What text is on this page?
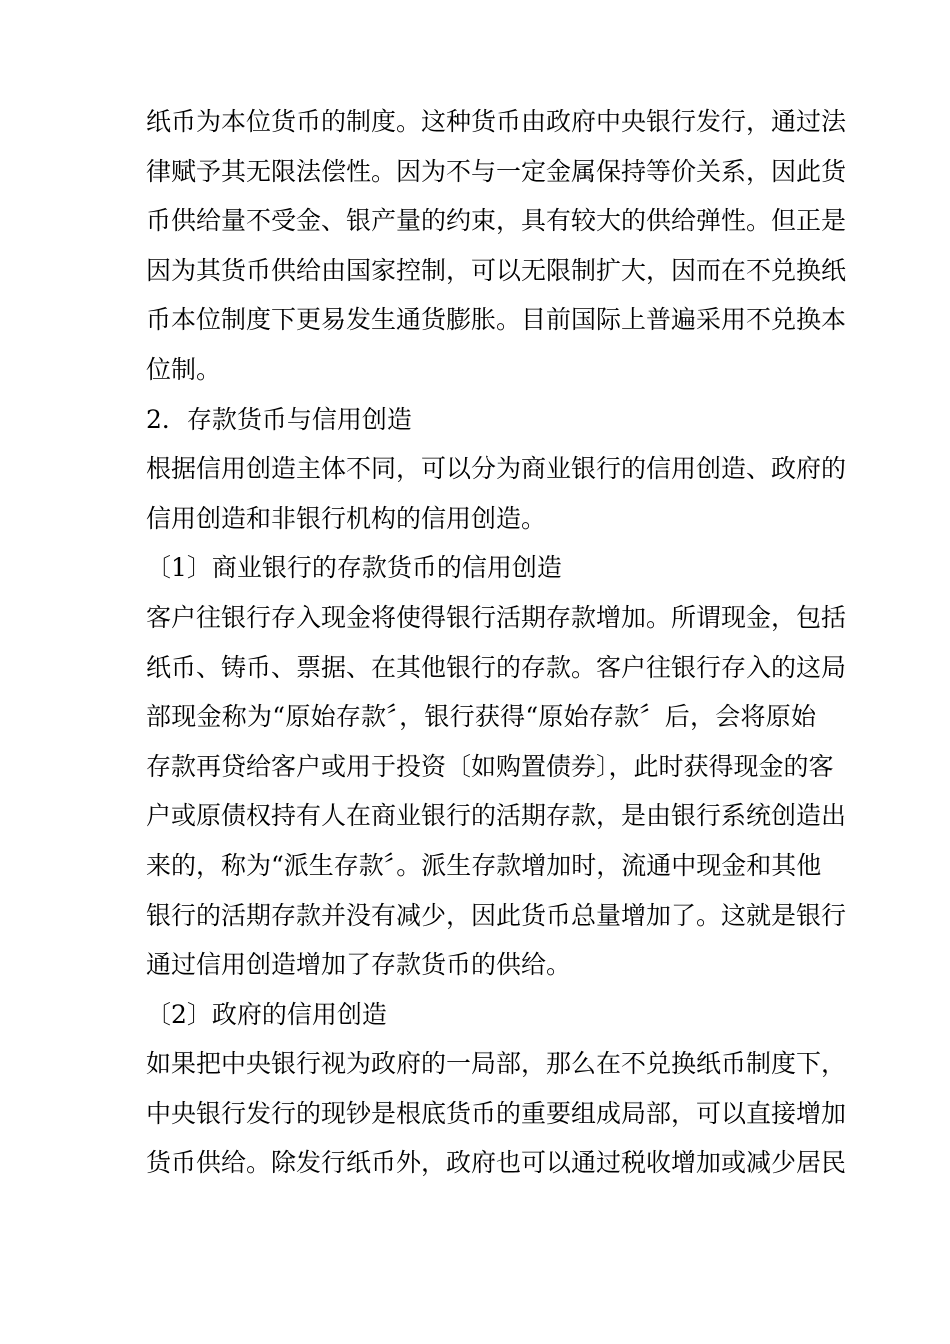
纸币为本位货币的制度。这种货币由政府中央银行发行，通过法
律赋予其无限法偿性。因为不与一定金属保持等价关系，因此货
币供给量不受金、银产量的约束，具有较大的供给弹性。但正是
因为其货币供给由国家控制，可以无限制扩大，因而在不兑换纸
币本位制度下更易发生通货膨胀。目前国际上普遍采用不兑换本
位制。
2．存款货币与信用创造
根据信用创造主体不同，可以分为商业银行的信用创造、政府的
信用创造和非银行机构的信用创造。
〔1〕商业银行的存款货币的信用创造
客户往银行存入现金将使得银行活期存款增加。所谓现金，包括
纸币、铸币、票据、在其他银行的存款。客户往银行存入的这局
部现金称为“原始存款〞，银行获得“原始存款〞后，会将原始
存款再贷给客户或用于投资〔如购置债券〕，此时获得现金的客
户或原债权持有人在商业银行的活期存款，是由银行系统创造出
来的，称为“派生存款〞。派生存款增加时，流通中现金和其他
银行的活期存款并没有减少，因此货币总量增加了。这就是银行
通过信用创造增加了存款货币的供给。
〔2〕政府的信用创造
如果把中央银行视为政府的一局部，那么在不兑换纸币制度下，
中央银行发行的现钞是根底货币的重要组成局部，可以直接增加
货币供给。除发行纸币外，政府也可以通过税收增加或减少居民
